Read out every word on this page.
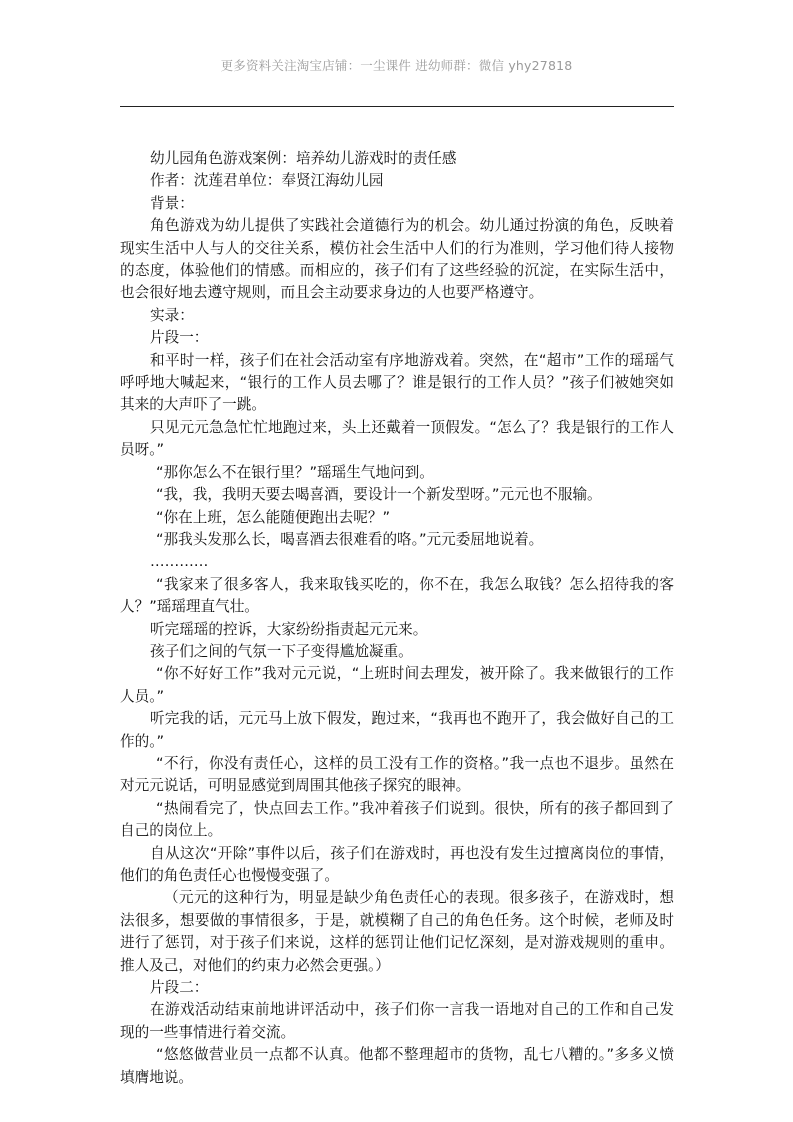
更多资料关注淘宝店铺：一尘课件 进幼师群：微信 yhy27818

幼儿园角色游戏案例：培养幼儿游戏时的责任感

作者：沈莲君单位：奉贤江海幼儿园

背景：

角色游戏为幼儿提供了实践社会道德行为的机会。幼儿通过扮演的角色，反映着现实生活中人与人的交往关系，模仿社会生活中人们的行为准则，学习他们待人接物的态度，体验他们的情感。而相应的，孩子们有了这些经验的沉淀，在实际生活中，也会很好地去遵守规则，而且会主动要求身边的人也要严格遵守。

实录：

片段一：

和平时一样，孩子们在社会活动室有序地游戏着。突然，在“超市”工作的瑶瑶气呼呼地大喊起来，“银行的工作人员去哪了？谁是银行的工作人员？”孩子们被她突如其来的大声吓了一跳。

只见元元急急忙忙地跑过来，头上还戴着一顶假发。“怎么了？我是银行的工作人员呀。”

“那你怎么不在银行里？”瑶瑶生气地问到。

“我，我，我明天要去喝喜酒，要设计一个新发型呀。”元元也不服输。

“你在上班，怎么能随便跑出去呢？”

“那我头发那么长，喝喜酒去很难看的咯。”元元委屈地说着。

…………

“我家来了很多客人，我来取钱买吃的，你不在，我怎么取钱？怎么招待我的客人？”瑶瑶理直气壮。

听完瑶瑶的控诉，大家纷纷指责起元元来。

孩子们之间的气氛一下子变得尴尬凝重。

“你不好好工作”我对元元说，“上班时间去理发，被开除了。我来做银行的工作人员。”

听完我的话，元元马上放下假发，跑过来，“我再也不跑开了，我会做好自己的工作的。”

“不行，你没有责任心，这样的员工没有工作的资格。”我一点也不退步。虽然在对元元说话，可明显感觉到周围其他孩子探究的眼神。

“热闹看完了，快点回去工作。”我冲着孩子们说到。很快，所有的孩子都回到了自己的岗位上。

自从这次“开除”事件以后，孩子们在游戏时，再也没有发生过擅离岗位的事情，他们的角色责任心也慢慢变强了。

（元元的这种行为，明显是缺少角色责任心的表现。很多孩子，在游戏时，想法很多，想要做的事情很多，于是，就模糊了自己的角色任务。这个时候，老师及时进行了惩罚，对于孩子们来说，这样的惩罚让他们记忆深刻，是对游戏规则的重申。推人及己，对他们的约束力必然会更强。）

片段二：

在游戏活动结束前地讲评活动中，孩子们你一言我一语地对自己的工作和自己发现的一些事情进行着交流。

“悠悠做营业员一点都不认真。他都不整理超市的货物，乱七八糟的。”多多义愤填膺地说。
